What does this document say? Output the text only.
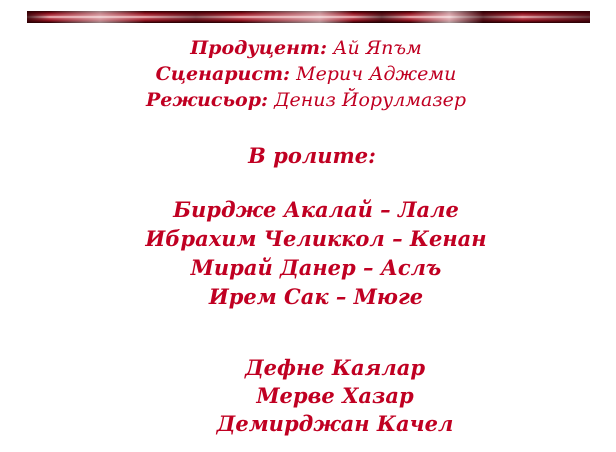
Продуцент: Ай Япъм
Сценарист: Мерич Аджеми
Режисьор: Дениз Йорулмазер
В ролите:
Бирдже Акалай – Лале
Ибрахим Челиккол – Кенан
Мирай Данер – Аслъ
Ирем Сак – Мюге
Дефне Каялар
Мерве Хазар
Демирджан Качел
